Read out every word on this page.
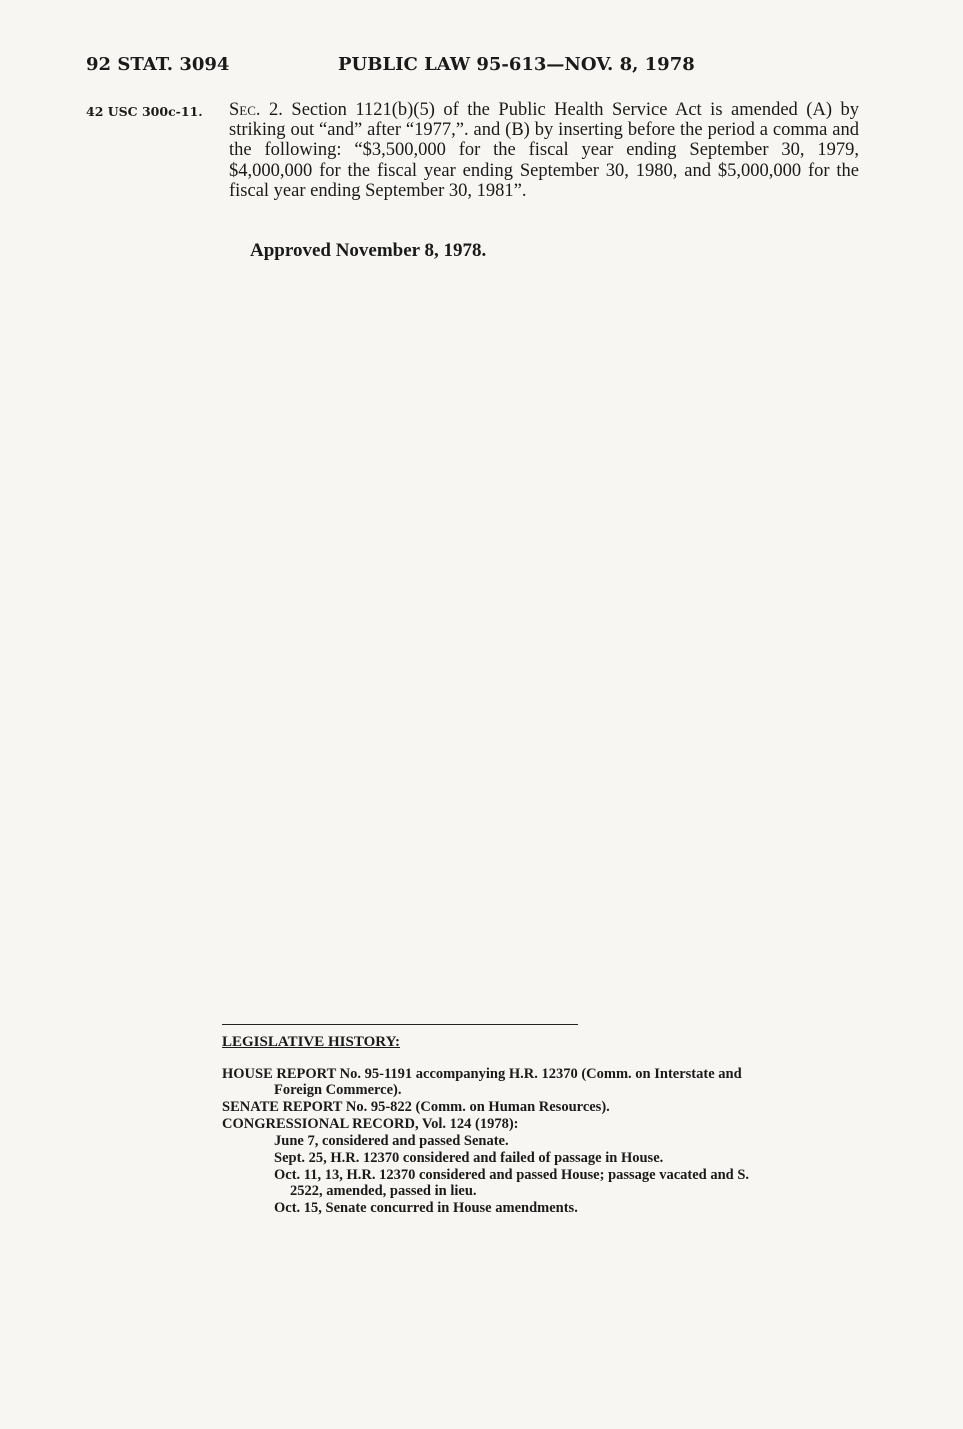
92 STAT. 3094	PUBLIC LAW 95-613—NOV. 8, 1978
42 USC 300c-11. Sec. 2. Section 1121(b)(5) of the Public Health Service Act is amended (A) by striking out “and” after “1977,”. and (B) by inserting before the period a comma and the following: “$3,500,000 for the fiscal year ending September 30, 1979, $4,000,000 for the fiscal year ending September 30, 1980, and $5,000,000 for the fiscal year ending September 30, 1981”.

Approved November 8, 1978.
LEGISLATIVE HISTORY:
HOUSE REPORT No. 95-1191 accompanying H.R. 12370 (Comm. on Interstate and
Foreign Commerce).
SENATE REPORT No. 95-822 (Comm. on Human Resources).
CONGRESSIONAL RECORD, Vol. 124 (1978):
June 7, considered and passed Senate.
Sept. 25, H.R. 12370 considered and failed of passage in House.
Oct. 11, 13, H.R. 12370 considered and passed House; passage vacated and S.
2522, amended, passed in lieu.
Oct. 15, Senate concurred in House amendments.
